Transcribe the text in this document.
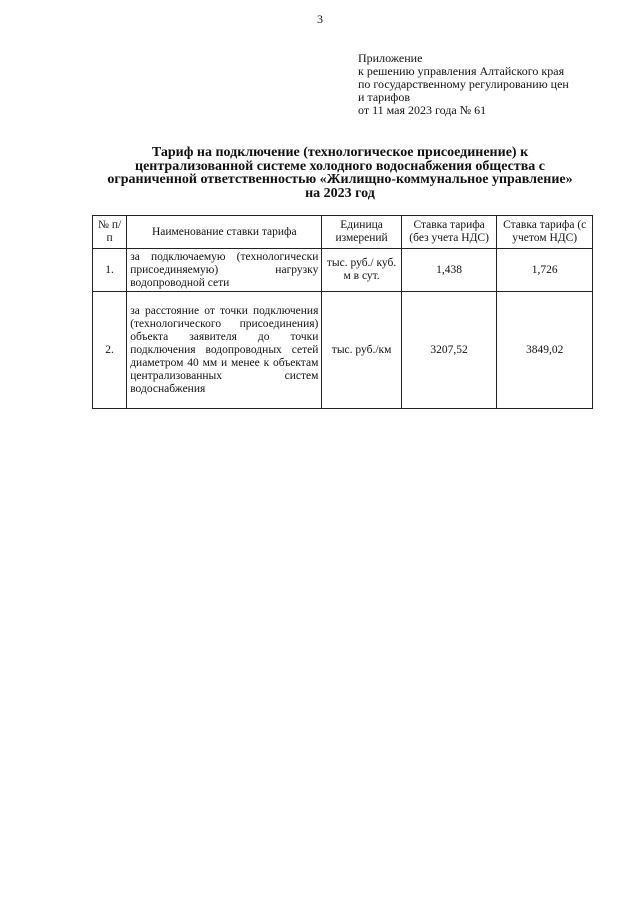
3
Приложение
к решению управления Алтайского края
по государственному регулированию цен
и тарифов
от 11 мая 2023 года № 61
Тариф на подключение (технологическое присоединение) к
централизованной системе холодного водоснабжения общества с
ограниченной ответственностью «Жилищно-коммунальное управление»
на 2023 год
№ п/п	Наименование ставки тарифа	Единица измерений	Ставка тарифа (без учета НДС)	Ставка тарифа (с учетом НДС)
1.	за подключаемую (технологически присоединяемую) нагрузку водопроводной сети	тыс. руб./ куб. м в сут.	1,438	1,726
2.	за расстояние от точки подключения (технологического присоединения) объекта заявителя до точки подключения водопроводных сетей диаметром 40 мм и менее к объектам централизованных систем водоснабжения	тыс. руб./км	3207,52	3849,02
